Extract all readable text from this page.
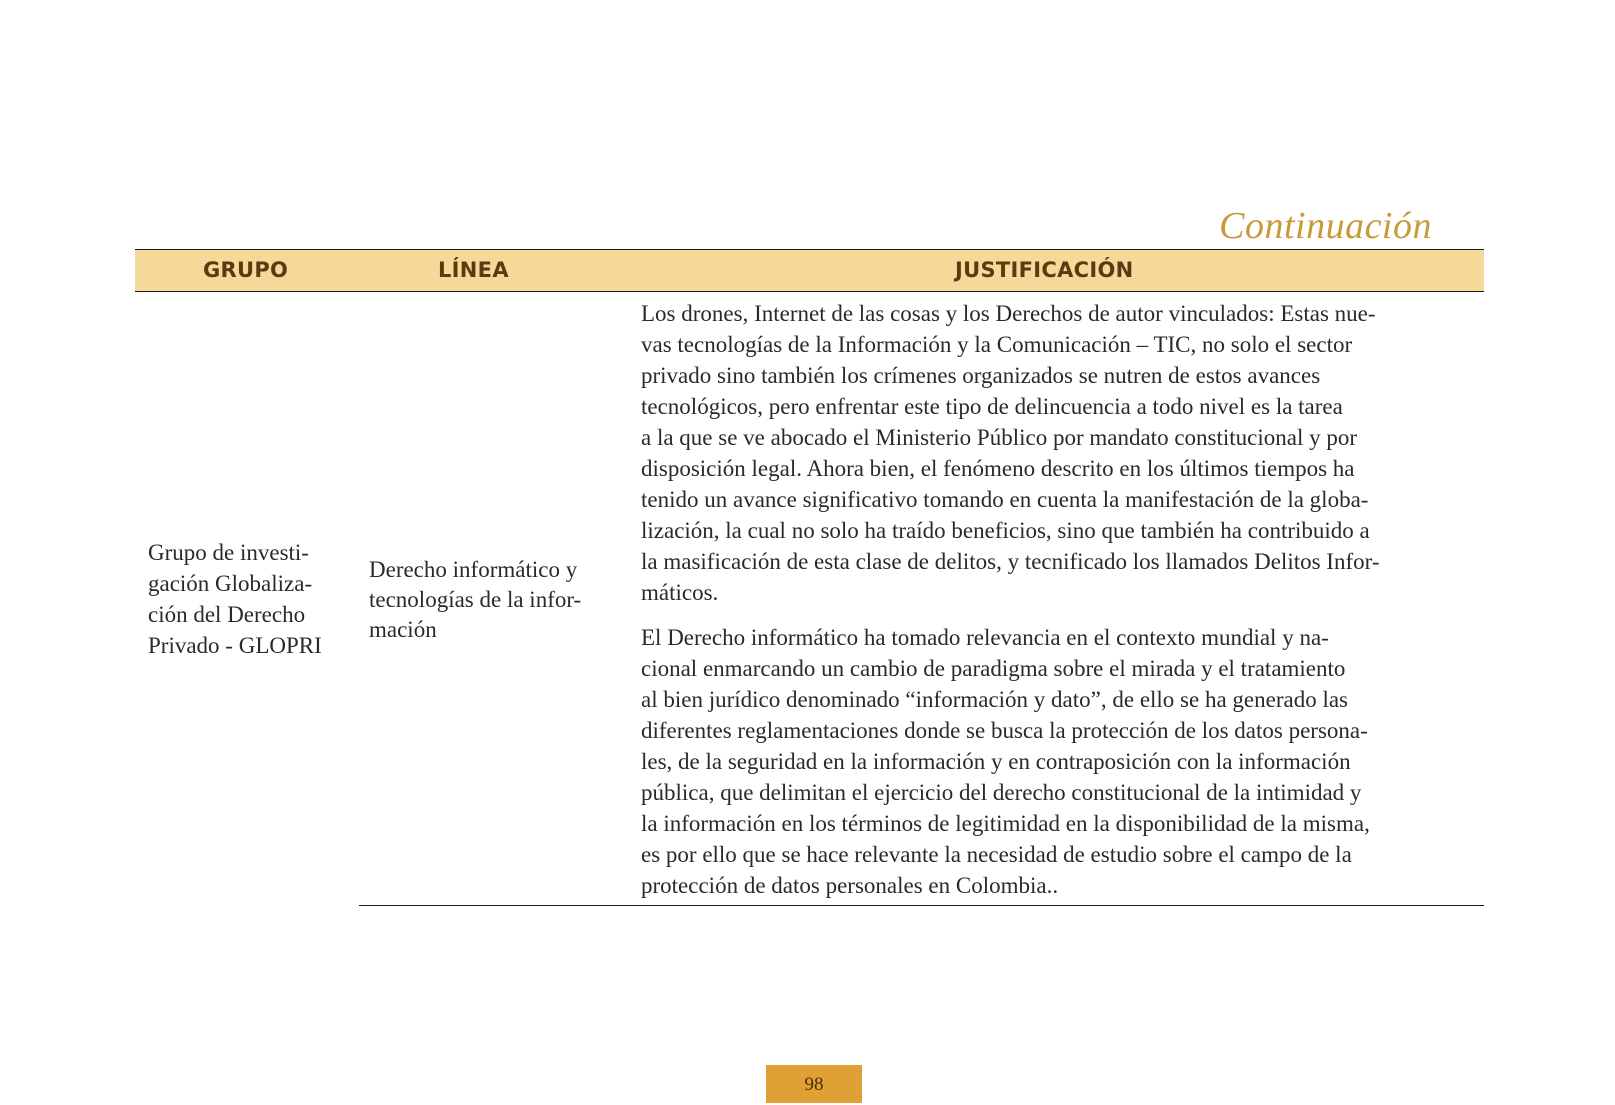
Continuación
GRUPO	LÍNEA	JUSTIFICACIÓN
Grupo de investi-
gación Globaliza-
ción del Derecho
Privado - GLOPRI
Derecho informático y
tecnologías de la infor-
mación

Los drones, Internet de las cosas y los Derechos de autor vinculados: Estas nue-
vas tecnologías de la Información y la Comunicación – TIC, no solo el sector
privado sino también los crímenes organizados se nutren de estos avances
tecnológicos, pero enfrentar este tipo de delincuencia a todo nivel es la tarea
a la que se ve abocado el Ministerio Público por mandato constitucional y por
disposición legal. Ahora bien, el fenómeno descrito en los últimos tiempos ha
tenido un avance significativo tomando en cuenta la manifestación de la globa-
lización, la cual no solo ha traído beneficios, sino que también ha contribuido a
la masificación de esta clase de delitos, y tecnificado los llamados Delitos Infor-
máticos.

El Derecho informático ha tomado relevancia en el contexto mundial y na-
cional enmarcando un cambio de paradigma sobre el mirada y el tratamiento
al bien jurídico denominado “información y dato”, de ello se ha generado las
diferentes reglamentaciones donde se busca la protección de los datos persona-
les, de la seguridad en la información y en contraposición con la información
pública, que delimitan el ejercicio del derecho constitucional de la intimidad y
la información en los términos de legitimidad en la disponibilidad de la misma,
es por ello que se hace relevante la necesidad de estudio sobre el campo de la
protección de datos personales en Colombia..

98
